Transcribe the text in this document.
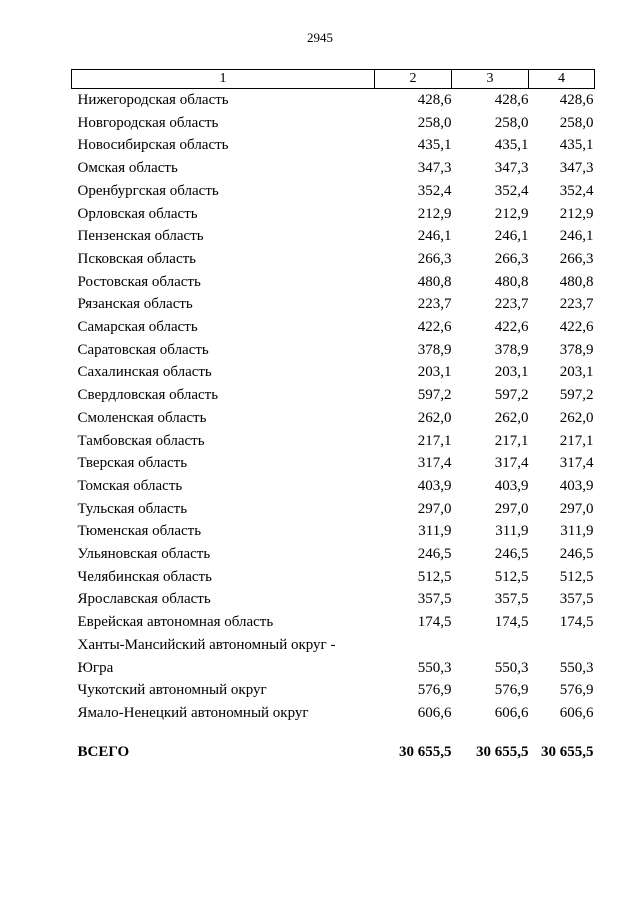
2945
1	2	3	4
Нижегородская область	428,6	428,6	428,6
Новгородская область	258,0	258,0	258,0
Новосибирская область	435,1	435,1	435,1
Омская область	347,3	347,3	347,3
Оренбургская область	352,4	352,4	352,4
Орловская область	212,9	212,9	212,9
Пензенская область	246,1	246,1	246,1
Псковская область	266,3	266,3	266,3
Ростовская область	480,8	480,8	480,8
Рязанская область	223,7	223,7	223,7
Самарская область	422,6	422,6	422,6
Саратовская область	378,9	378,9	378,9
Сахалинская область	203,1	203,1	203,1
Свердловская область	597,2	597,2	597,2
Смоленская область	262,0	262,0	262,0
Тамбовская область	217,1	217,1	217,1
Тверская область	317,4	317,4	317,4
Томская область	403,9	403,9	403,9
Тульская область	297,0	297,0	297,0
Тюменская область	311,9	311,9	311,9
Ульяновская область	246,5	246,5	246,5
Челябинская область	512,5	512,5	512,5
Ярославская область	357,5	357,5	357,5
Еврейская автономная область	174,5	174,5	174,5
Ханты-Мансийский автономный округ -			
Югра	550,3	550,3	550,3
Чукотский автономный округ	576,9	576,9	576,9
Ямало-Ненецкий автономный округ	606,6	606,6	606,6

ВСЕГО	30 655,5	30 655,5	30 655,5
